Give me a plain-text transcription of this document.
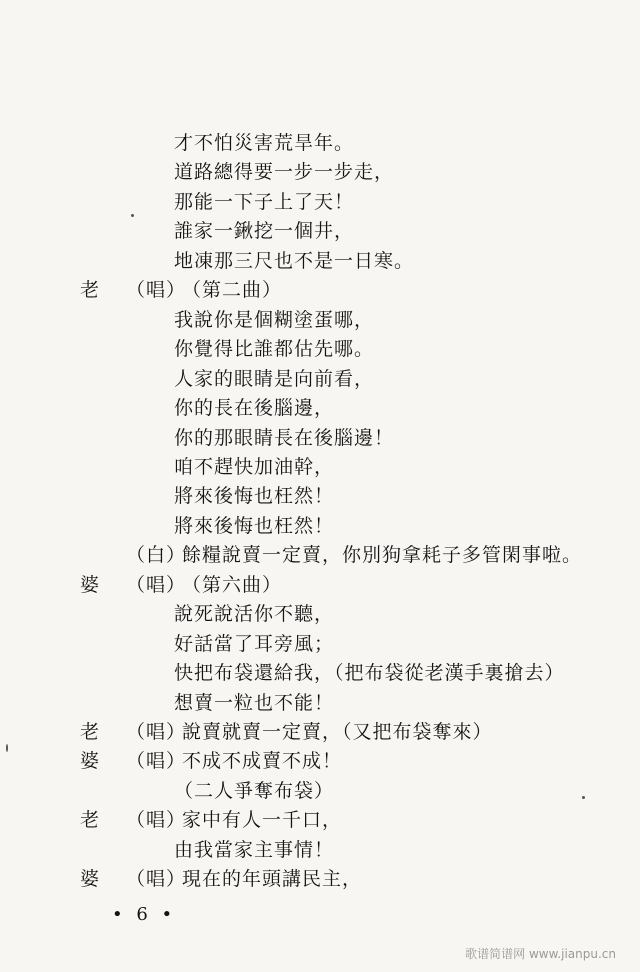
才不怕災害荒旱年。
道路總得要一步一步走，
那能一下子上了天！
誰家一鍬挖一個井，
地凍那三尺也不是一日寒。
老 （唱）
（第二曲）
我說你是個糊塗蛋哪，
你覺得比誰都估先哪。
人家的眼睛是向前看，
你的長在後腦邊，
你的那眼睛長在後腦邊！
咱不趕快加油幹，
將來後悔也枉然！
將來後悔也枉然！
（白）
餘糧說賣一定賣，你別狗拿耗子多管閑事啦。
婆 （唱）
（第六曲）
說死說活你不聽，
好話當了耳旁風；
快把布袋還給我，（把布袋從老漢手裏搶去）
想賣一粒也不能！
老 （唱）
說賣就賣一定賣，（又把布袋奪來）
婆 （唱）
不成不成賣不成！
（二人爭奪布袋）
老 （唱）
家中有人一千口，
由我當家主事情！
婆 （唱）
現在的年頭講民主，
• 6 •
歌谱简谱网 www.jianpu.cn
